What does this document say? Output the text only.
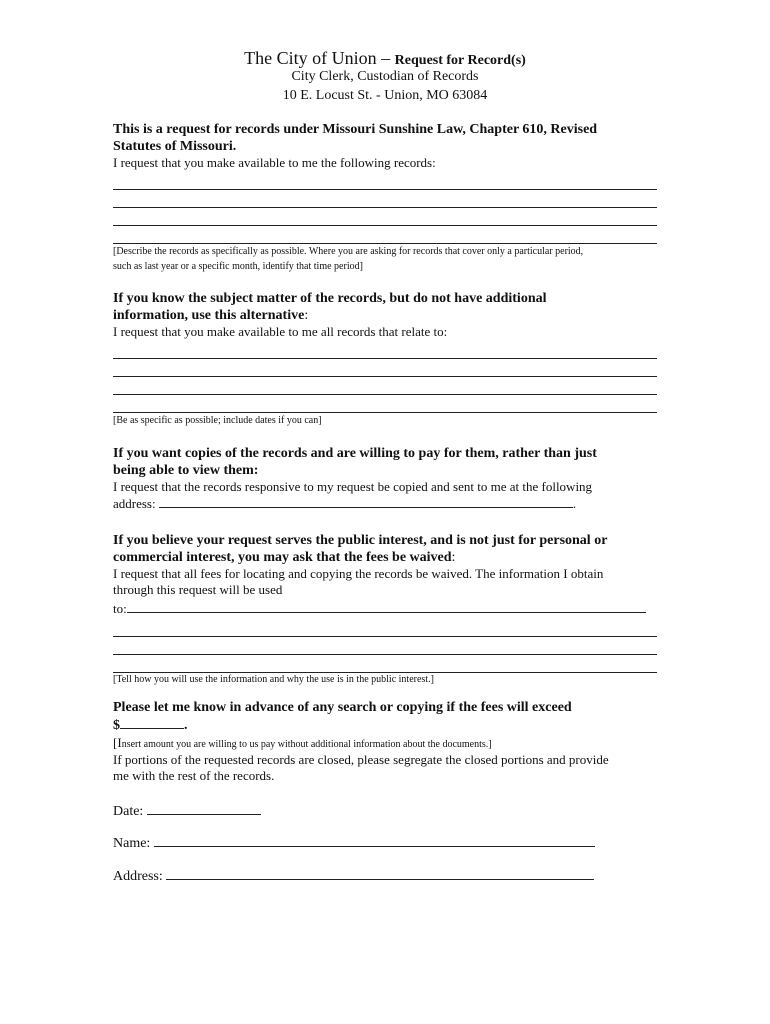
The City of Union – Request for Record(s)
City Clerk, Custodian of Records
10 E. Locust St. - Union, MO 63084

This is a request for records under Missouri Sunshine Law, Chapter 610, Revised

Statutes of Missouri.

I request that you make available to me the following records:

[Describe the records as specifically as possible. Where you are asking for records that cover only a particular period,

such as last year or a specific month, identify that time period]

If you know the subject matter of the records, but do not have additional

information, use this alternative:

I request that you make available to me all records that relate to:

[Be as specific as possible; include dates if you can]

If you want copies of the records and are willing to pay for them, rather than just

being able to view them:

I request that the records responsive to my request be copied and sent to me at the following

address:	.

If you believe your request serves the public interest, and is not just for personal or

commercial interest, you may ask that the fees be waived:

I request that all fees for locating and copying the records be waived. The information I obtain

through this request will be used

to:

[Tell how you will use the information and why the use is in the public interest.]

Please let me know in advance of any search or copying if the fees will exceed

$	.

[Insert amount you are willing to us pay without additional information about the documents.]

If portions of the requested records are closed, please segregate the closed portions and provide

me with the rest of the records.

Date:
Name:
Address:
